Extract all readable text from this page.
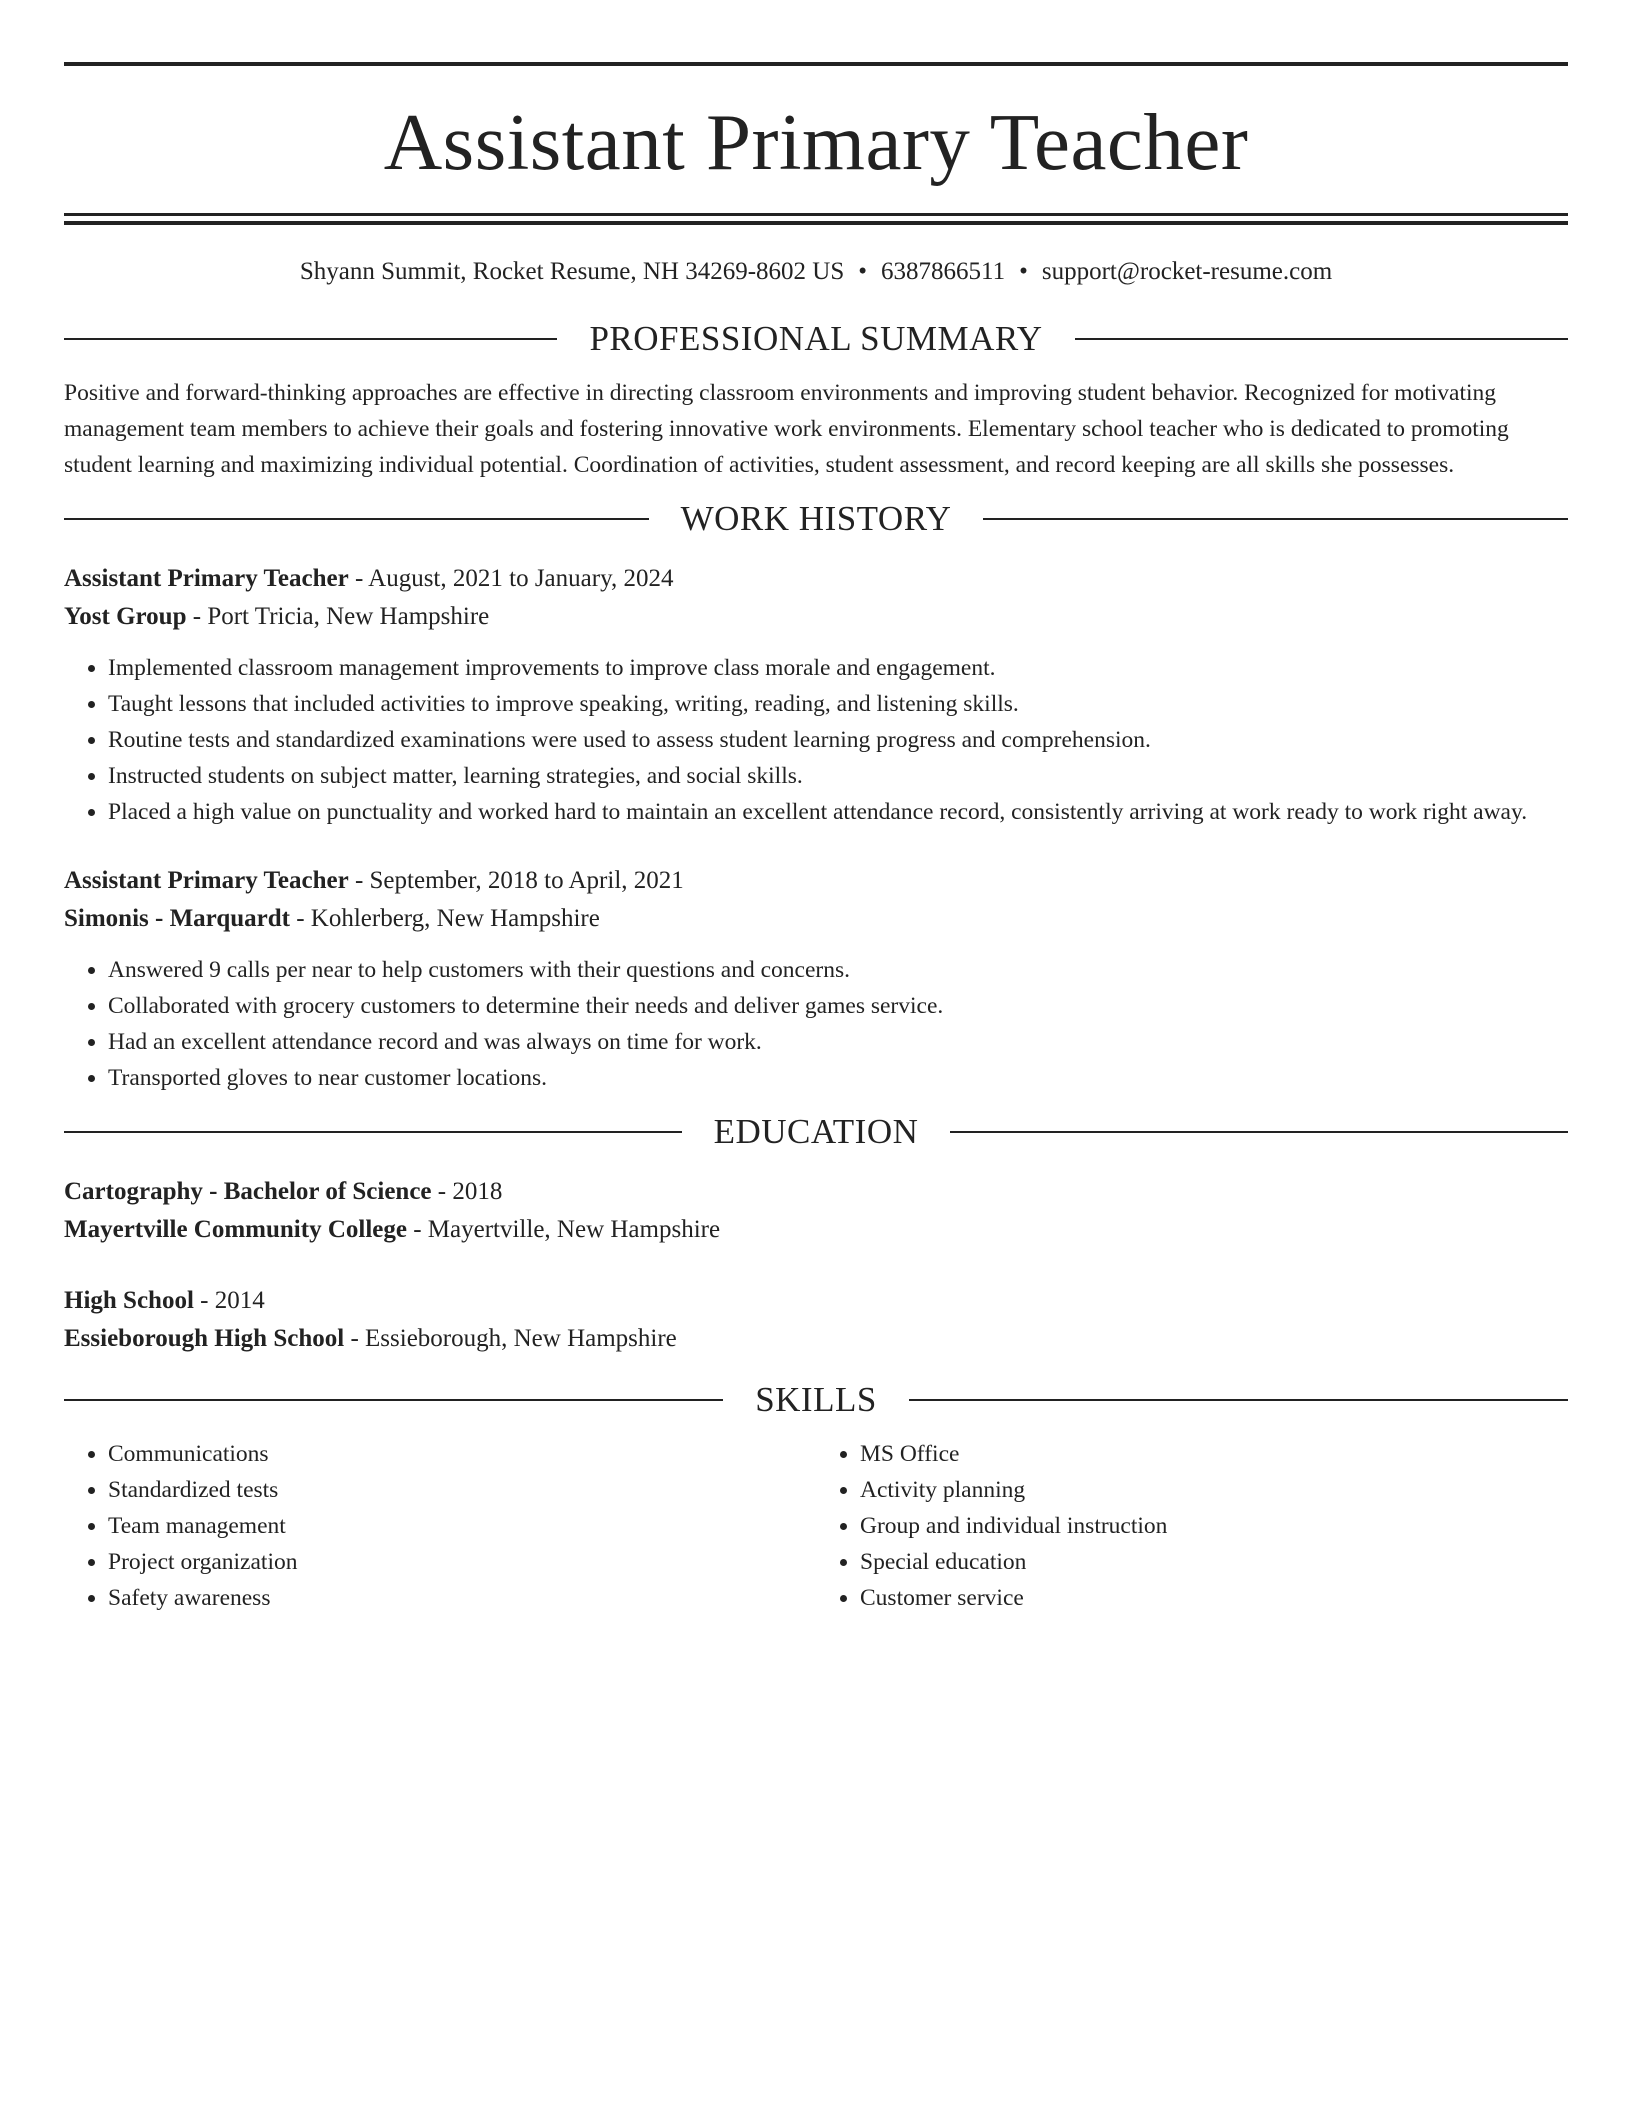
Assistant Primary Teacher
Shyann Summit, Rocket Resume, NH 34269-8602 US • 6387866511 • support@rocket-resume.com
PROFESSIONAL SUMMARY

Positive and forward-thinking approaches are effective in directing classroom environments and improving student behavior. Recognized for motivating management team members to achieve their goals and fostering innovative work environments. Elementary school teacher who is dedicated to promoting student learning and maximizing individual potential. Coordination of activities, student assessment, and record keeping are all skills she possesses.

WORK HISTORY
Assistant Primary Teacher - August, 2021 to January, 2024
Yost Group - Port Tricia, New Hampshire
• Implemented classroom management improvements to improve class morale and engagement.
• Taught lessons that included activities to improve speaking, writing, reading, and listening skills.
• Routine tests and standardized examinations were used to assess student learning progress and comprehension.
• Instructed students on subject matter, learning strategies, and social skills.
• Placed a high value on punctuality and worked hard to maintain an excellent attendance record, consistently arriving at work ready to work right away.
Assistant Primary Teacher - September, 2018 to April, 2021
Simonis - Marquardt - Kohlerberg, New Hampshire
• Answered 9 calls per near to help customers with their questions and concerns.
• Collaborated with grocery customers to determine their needs and deliver games service.
• Had an excellent attendance record and was always on time for work.
• Transported gloves to near customer locations.
EDUCATION
Cartography - Bachelor of Science - 2018
Mayertville Community College - Mayertville, New Hampshire
High School - 2014
Essieborough High School - Essieborough, New Hampshire
SKILLS
• Communications
• Standardized tests
• Team management
• Project organization
• Safety awareness
• MS Office
• Activity planning
• Group and individual instruction
• Special education
• Customer service
